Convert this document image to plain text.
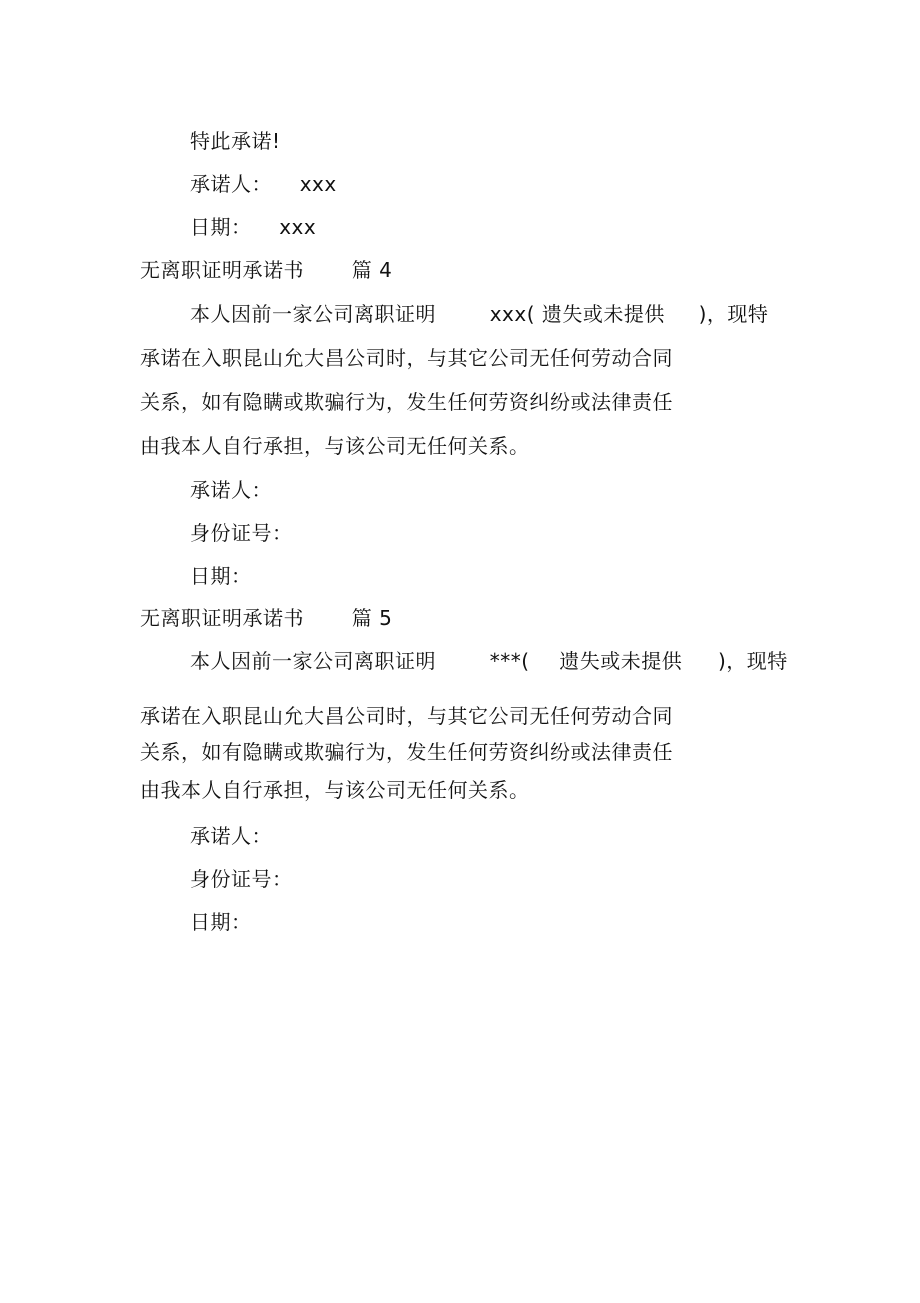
特此承诺!
承诺人： xxx
日期： xxx
无离职证明承诺书 篇 4
本人因前一家公司离职证明	xxx( 遗失或未提供 )，现特
承诺在入职昆山允大昌公司时，与其它公司无任何劳动合同
关系，如有隐瞒或欺骗行为，发生任何劳资纠纷或法律责任
由我本人自行承担，与该公司无任何关系。
承诺人：
身份证号：
日期：
无离职证明承诺书 篇 5
本人因前一家公司离职证明	***( 遗失或未提供 )，现特
承诺在入职昆山允大昌公司时，与其它公司无任何劳动合同
关系，如有隐瞒或欺骗行为，发生任何劳资纠纷或法律责任
由我本人自行承担，与该公司无任何关系。
承诺人：
身份证号：
日期：
